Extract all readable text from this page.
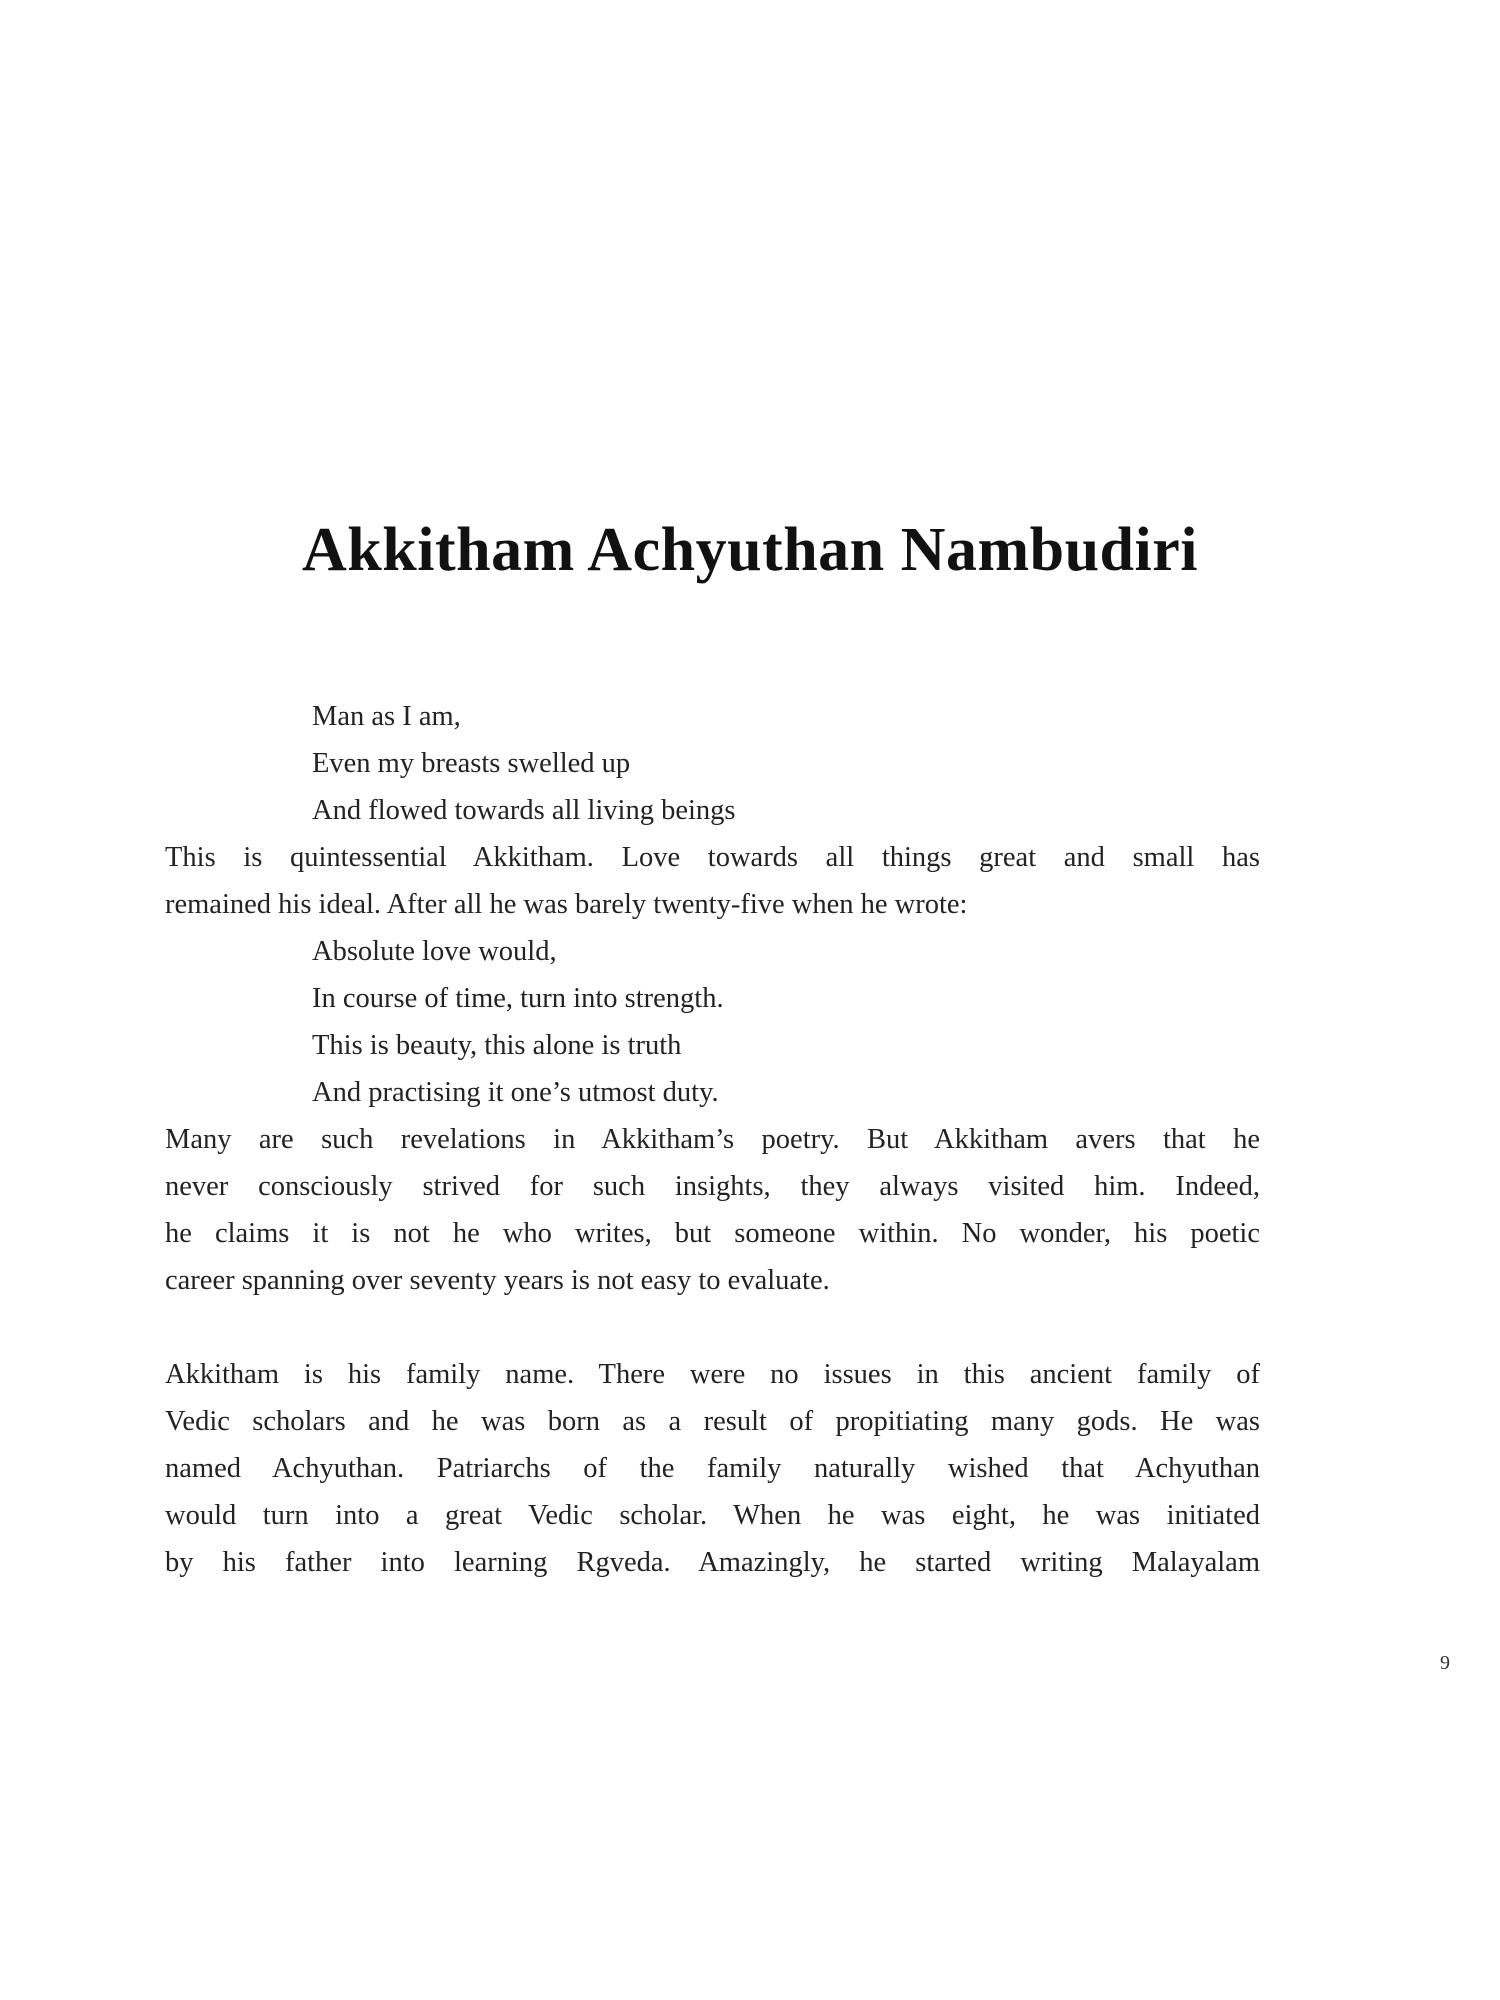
Akkitham Achyuthan Nambudiri

Man as I am,

Even my breasts swelled up

And flowed towards all living beings

This is quintessential Akkitham. Love towards all things great and small has
remained his ideal. After all he was barely twenty-five when he wrote:

Absolute love would,

In course of time, turn into strength.

This is beauty, this alone is truth

And practising it one’s utmost duty.

Many are such revelations in Akkitham’s poetry. But Akkitham avers that he
never consciously strived for such insights, they always visited him. Indeed,
he claims it is not he who writes, but someone within. No wonder, his poetic
career spanning over seventy years is not easy to evaluate.
Akkitham is his family name. There were no issues in this ancient family of
Vedic scholars and he was born as a result of propitiating many gods. He was
named Achyuthan. Patriarchs of the family naturally wished that Achyuthan
would turn into a great Vedic scholar. When he was eight, he was initiated
by his father into learning Rgveda. Amazingly, he started writing Malayalam
9
